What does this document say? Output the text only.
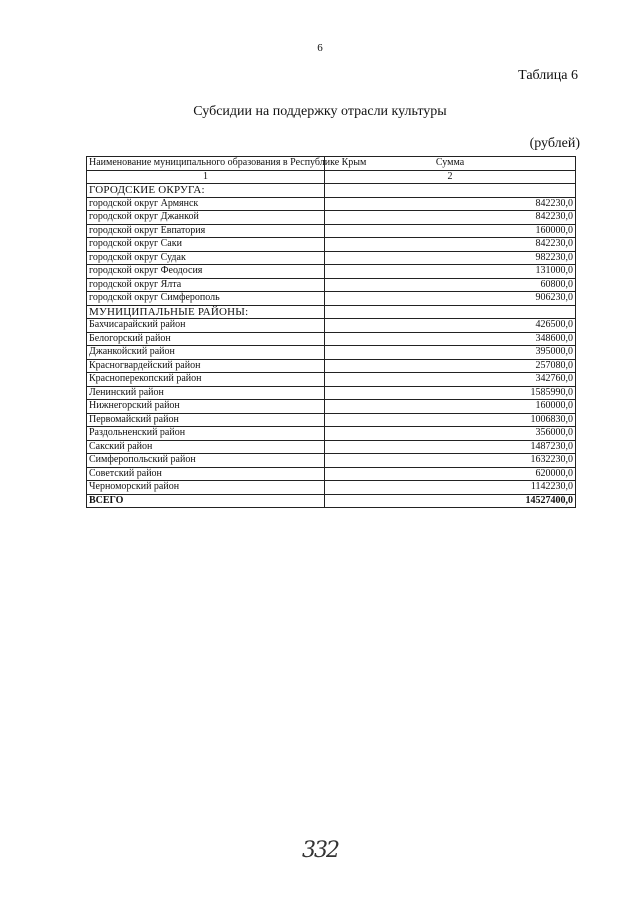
6
Таблица 6
Субсидии на поддержку отрасли культуры
(рублей)
Наименование муниципального образования в Республике Крым	Сумма
1	2
ГОРОДСКИЕ ОКРУГА:	
городской округ Армянск	842230,0
городской округ Джанкой	842230,0
городской округ Евпатория	160000,0
городской округ Саки	842230,0
городской округ Судак	982230,0
городской округ Феодосия	131000,0
городской округ Ялта	60800,0
городской округ Симферополь	906230,0
МУНИЦИПАЛЬНЫЕ РАЙОНЫ:	
Бахчисарайский район	426500,0
Белогорский район	348600,0
Джанкойский район	395000,0
Красногвардейский район	257080,0
Красноперекопский район	342760,0
Ленинский район	1585990,0
Нижнегорский район	160000,0
Первомайский район	1006830,0
Раздольненский район	356000,0
Сакский район	1487230,0
Симферопольский район	1632230,0
Советский район	620000,0
Черноморский район	1142230,0
ВСЕГО	14527400,0
332
